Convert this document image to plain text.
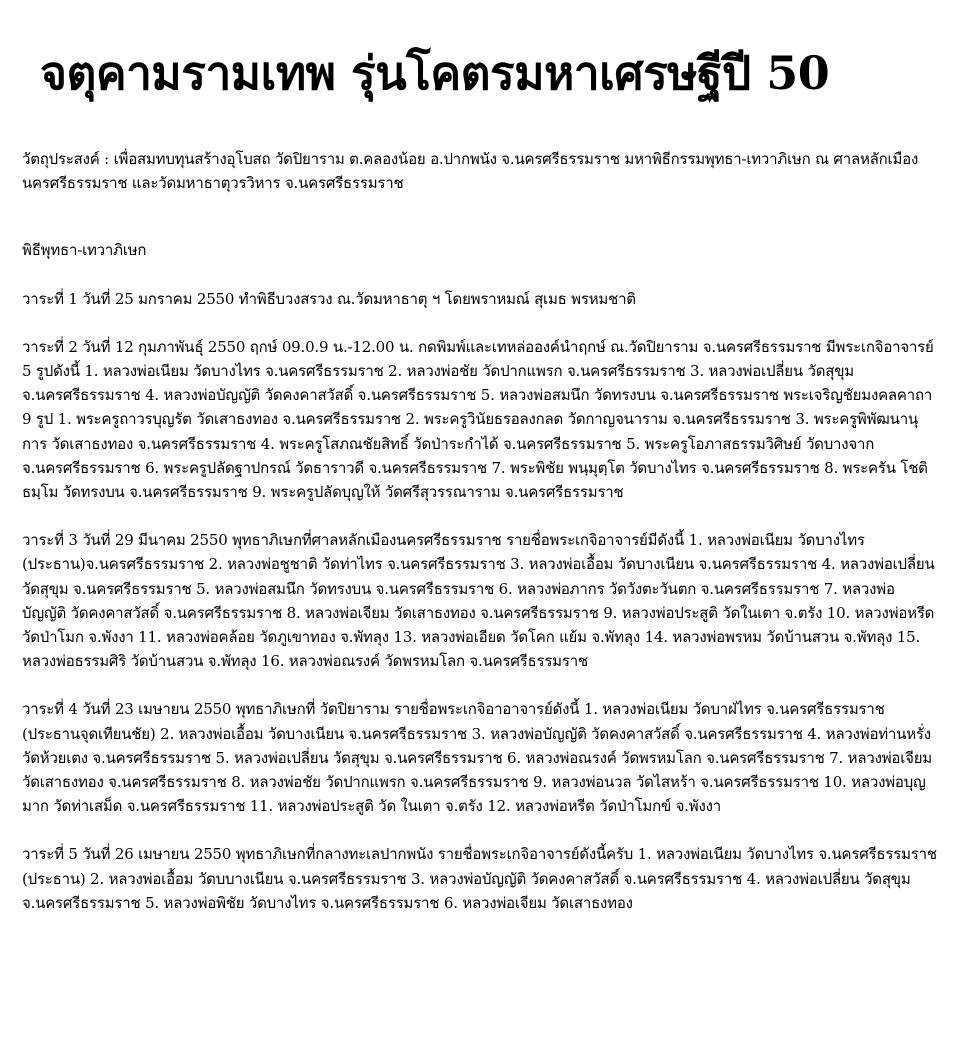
จตุคามรามเทพ รุ่นโคตรมหาเศรษฐีปี 50

วัตถุประสงค์ : เพื่อสมทบทุนสร้างอุโบสถ วัดปิยาราม ต.คลองน้อย อ.ปากพนัง จ.นครศรีธรรมราช มหาพิธีกรรมพุทธา-เทวาภิเษก ณ ศาลหลักเมืองนครศรีธรรมราช และวัดมหาธาตุวรวิหาร จ.นครศรีธรรมราช

พิธีพุทธา-เทวาภิเษก

วาระที่ 1 วันที่ 25 มกราคม 2550 ทำพิธีบวงสรวง ณ.วัดมหาธาตุ ฯ โดยพราหมณ์ สุเมธ พรหมชาติ

วาระที่ 2 วันที่ 12 กุมภาพันธุ์ 2550 ฤกษ์ 09.0.9 น.-12.00 น. กดพิมพ์และเทหล่อองค์นำฤกษ์ ณ.วัดปิยาราม จ.นครศรีธรรมราช มีพระเกจิอาจารย์ 5 รูปดังนี้ 1. หลวงพ่อเนียม วัดบางไทร จ.นครศรีธรรมราช 2. หลวงพ่อชัย วัดปากแพรก จ.นครศรีธรรมราช 3. หลวงพ่อเปลี่ยน วัดสุขุม จ.นครศรีธรรมราช 4. หลวงพ่อบัญญัติ วัดคงคาสวัสดิ์ จ.นครศรีธรรมราช 5. หลวงพ่อสมนึก วัดทรงบน จ.นครศรีธรรมราช พระเจริญชัยมงคลคาถา 9 รูป 1. พระครูถาวรบุญรัต วัดเสาธงทอง จ.นครศรีธรรมราช 2. พระครูวินัยธรอลงกลด วัดกาญจนาราม จ.นครศรีธรรมราช 3. พระครูพิพัฒนานุการ วัดเสาธงทอง จ.นครศรีธรรมราช 4. พระครูโสภณชัยสิทธิ์ วัดป่าระกำได้ จ.นครศรีธรรมราช 5. พระครูโอภาสธรรมวิศิษย์ วัดบางจาก จ.นครศรีธรรมราช 6. พระครูปลัดฐาปกรณ์ วัดธาราวดี จ.นครศรีธรรมราช 7. พระพิชัย พนฺมุตฺโต วัดบางไทร จ.นครศรีธรรมราช 8. พระครัน โชติธมฺโม วัดทรงบน จ.นครศรีธรรมราช 9. พระครูปลัดบุญให้ วัดศรีสุวรรณาราม จ.นครศรีธรรมราช

วาระที่ 3 วันที่ 29 มีนาคม 2550 พุทธาภิเษกที่ศาลหลักเมืองนครศรีธรรมราช รายชื่อพระเกจิอาจารย์มีดังนี้ 1. หลวงพ่อเนียม วัดบางไทร (ประธาน)จ.นครศรีธรรมราช 2. หลวงพ่อชูชาติ วัดท่าไทร จ.นครศรีธรรมราช 3. หลวงพ่อเอื้อม วัดบางเนียน จ.นครศรีธรรมราช 4. หลวงพ่อเปลี่ยน วัดสุขุม จ.นครศรีธรรมราช 5. หลวงพ่อสมนึก วัดทรงบน จ.นครศรีธรรมราช 6. หลวงพ่อภากร วัดวังตะวันตก จ.นครศรีธรรมราช 7. หลวงพ่อบัญญัติ วัดคงคาสวัสดิ์ จ.นครศรีธรรมราช 8. หลวงพ่อเจียม วัดเสาธงทอง จ.นครศรีธรรมราช 9. หลวงพ่อประสูติ วัดในเตา จ.ตรัง 10. หลวงพ่อหรีด วัดป่าโมก จ.พังงา 11. หลวงพ่อคล้อย วัดภูเขาทอง จ.พัทลุง 13. หลวงพ่อเอียด วัดโคก แย้ม จ.พัทลุง 14. หลวงพ่อพรหม วัดบ้านสวน จ.พัทลุง 15. หลวงพ่อธรรมศิริ วัดบ้านสวน จ.พัทลุง 16. หลวงพ่อณรงค์ วัดพรหมโลก จ.นครศรีธรรมราช

วาระที่ 4 วันที่ 23 เมษายน 2550 พุทธาภิเษกที่ วัดปิยาราม รายชื่อพระเกจิอาอาจารย์ดังนี้ 1. หลวงพ่อเนียม วัดบาฝ่ไทร จ.นครศรีธรรมราช (ประธานจุดเทียนชัย) 2. หลวงพ่อเอื้อม วัดบางเนียน จ.นครศรีธรรมราช 3. หลวงพ่อบัญญัติ วัดคงคาสวัสดิ์ จ.นครศรีธรรมราช 4. หลวงพ่อท่านหรั่ง วัดห้วยเตง จ.นครศรีธรรมราช 5. หลวงพ่อเปลี่ยน วัดสุขุม จ.นครศรีธรรมราช 6. หลวงพ่อณรงค์ วัดพรหมโลก จ.นครศรีธรรมราช 7. หลวงพ่อเจียม วัดเสาธงทอง จ.นครศรีธรรมราช 8. หลวงพ่อชัย วัดปากแพรก จ.นครศรีธรรมราช 9. หลวงพ่อนวล วัดไสหร้า จ.นครศรีธรรมราช 10. หลวงพ่อบุญมาก วัดท่าเสม็ด จ.นครศรีธรรมราช 11. หลวงพ่อประสูติ วัด ในเตา จ.ตรัง 12. หลวงพ่อหรีด วัดป่าโมกข์ จ.พังงา

วาระที่ 5 วันที่ 26 เมษายน 2550 พุทธาภิเษกที่กลางทะเลปากพนัง รายชื่อพระเกจิอาจารย์ดังนี้ครับ 1. หลวงพ่อเนียม วัดบางไทร จ.นครศรีธรรมราช (ประธาน) 2. หลวงพ่อเอื้อม วัดบบางเนียน จ.นครศรีธรรมราช 3. หลวงพ่อบัญญัติ วัดคงคาสวัสดิ์ จ.นครศรีธรรมราช 4. หลวงพ่อเปลี่ยน วัดสุขุม จ.นครศรีธรรมราช 5. หลวงพ่อพิชัย วัดบางไทร จ.นครศรีธรรมราช 6. หลวงพ่อเจียม วัดเสาธงทอง
